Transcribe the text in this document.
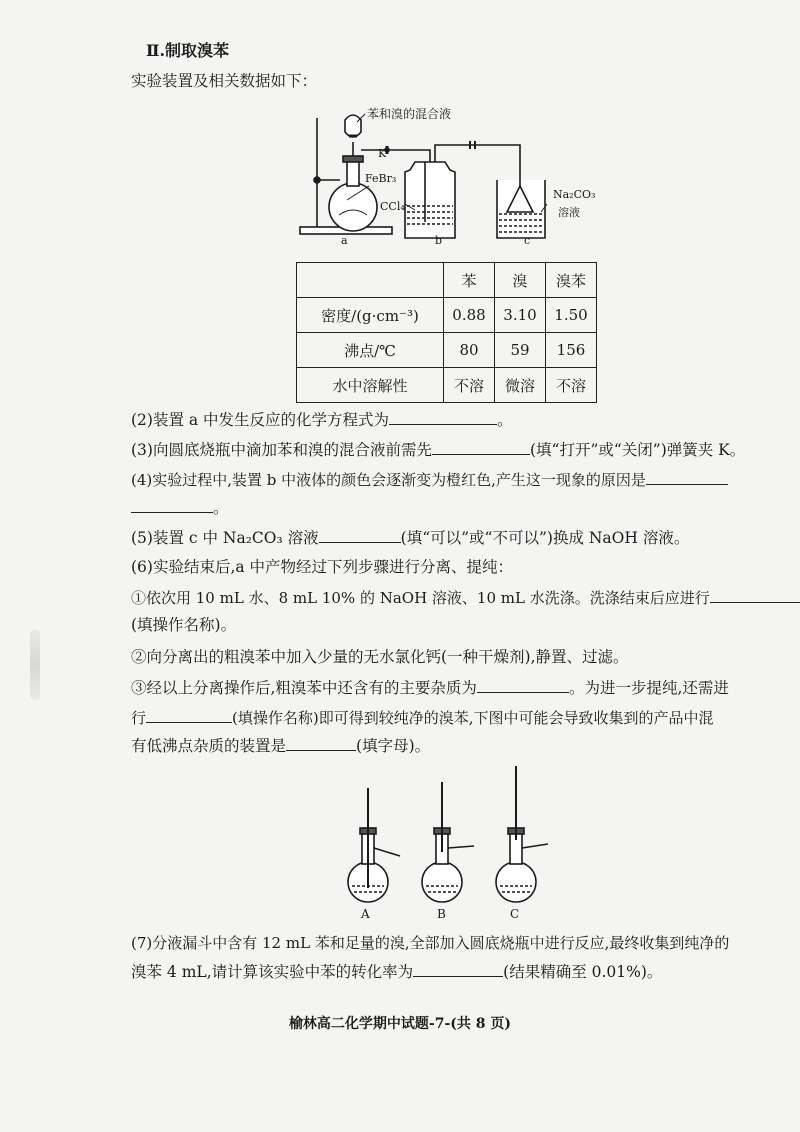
Ⅱ.制取溴苯
实验装置及相关数据如下：
苯和溴的混合液
K
FeBr₃
CCl₄
Na₂CO₃
溶液
a	b	c
	苯	溴	溴苯
密度/(g·cm⁻³)	0.88	3.10	1.50
沸点/℃	80	59	156
水中溶解性	不溶	微溶	不溶
(2)装置 a 中发生反应的化学方程式为	。
(3)向圆底烧瓶中滴加苯和溴的混合液前需先	(填“打开”或“关闭”)弹簧夹 K。
(4)实验过程中,装置 b 中液体的颜色会逐渐变为橙红色,产生这一现象的原因是
。
(5)装置 c 中 Na₂CO₃ 溶液	(填“可以”或“不可以”)换成 NaOH 溶液。
(6)实验结束后,a 中产物经过下列步骤进行分离、提纯：
①依次用 10 mL 水、8 mL 10% 的 NaOH 溶液、10 mL 水洗涤。洗涤结束后应进行
(填操作名称)。
②向分离出的粗溴苯中加入少量的无水氯化钙(一种干燥剂),静置、过滤。
③经以上分离操作后,粗溴苯中还含有的主要杂质为	。为进一步提纯,还需进
行	(填操作名称)即可得到较纯净的溴苯,下图中可能会导致收集到的产品中混
有低沸点杂质的装置是	(填字母)。
A	B	C
(7)分液漏斗中含有 12 mL 苯和足量的溴,全部加入圆底烧瓶中进行反应,最终收集到纯净的
溴苯 4 mL,请计算该实验中苯的转化率为	(结果精确至 0.01%)。
榆林高二化学期中试题-7-(共 8 页)
